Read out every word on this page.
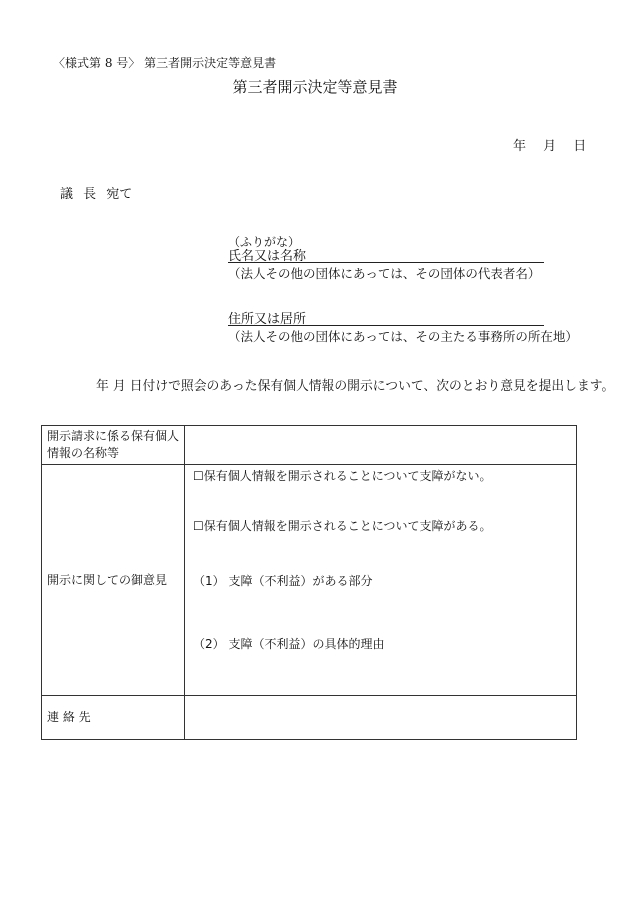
〈様式第 8 号〉 第三者開示決定等意見書
第三者開示決定等意見書
年 月 日
議 長 宛て
（ふりがな）
氏名又は名称
（法人その他の団体にあっては、その団体の代表者名）
住所又は居所
（法人その他の団体にあっては、その主たる事務所の所在地）
年 月 日付けで照会のあった保有個人情報の開示について、次のとおり意見を提出します。
開示請求に係る保有個人情報の名称等	
開示に関しての御意見	☐保有個人情報を開示されることについて支障がない。
☐保有個人情報を開示されることについて支障がある。
（1） 支障（不利益）がある部分
（2） 支障（不利益）の具体的理由

連 絡 先	
